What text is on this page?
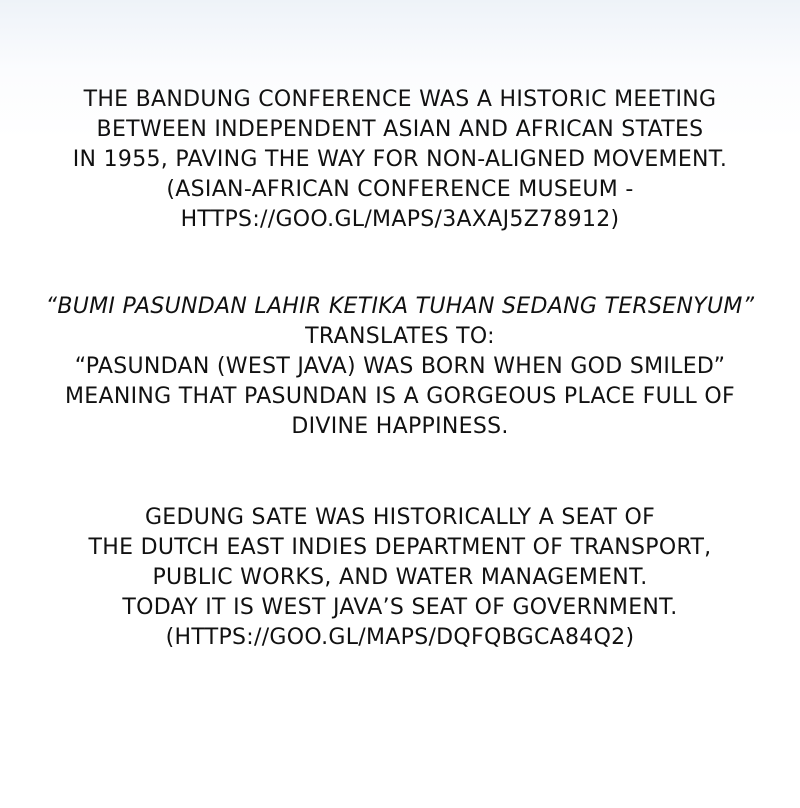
THE BANDUNG CONFERENCE WAS A HISTORIC MEETING
BETWEEN INDEPENDENT ASIAN AND AFRICAN STATES
IN 1955, PAVING THE WAY FOR NON-ALIGNED MOVEMENT.
(ASIAN-AFRICAN CONFERENCE MUSEUM -
HTTPS://GOO.GL/MAPS/3AXAJ5Z78912)

“BUMI PASUNDAN LAHIR KETIKA TUHAN SEDANG TERSENYUM”
TRANSLATES TO:
“PASUNDAN (WEST JAVA) WAS BORN WHEN GOD SMILED”
MEANING THAT PASUNDAN IS A GORGEOUS PLACE FULL OF
DIVINE HAPPINESS.

GEDUNG SATE WAS HISTORICALLY A SEAT OF
THE DUTCH EAST INDIES DEPARTMENT OF TRANSPORT,
PUBLIC WORKS, AND WATER MANAGEMENT.
TODAY IT IS WEST JAVA’S SEAT OF GOVERNMENT.
(HTTPS://GOO.GL/MAPS/DQFQBGCA84Q2)
